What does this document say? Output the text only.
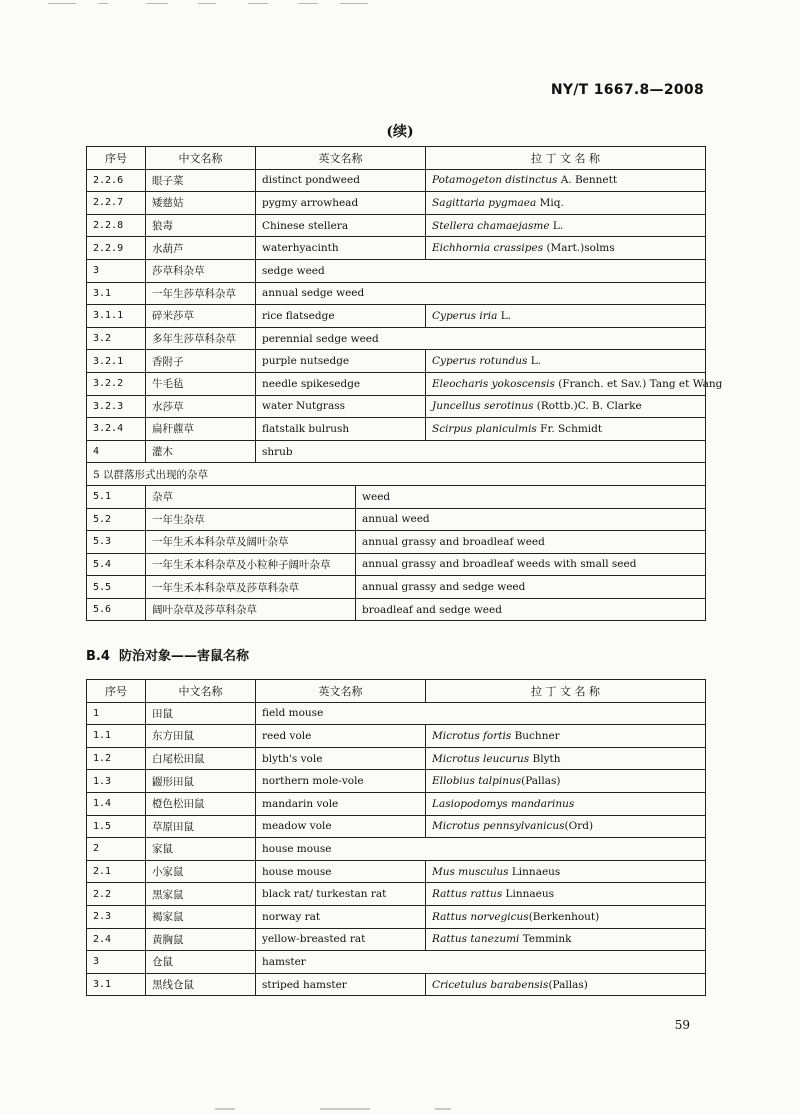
NY/T 1667.8—2008
(续)
序号	中文名称	英文名称		拉 丁 文 名 称
2.2.6	眼子菜	distinct pondweed		Potamogeton distinctus A. Bennett
2.2.7	矮慈姑	pygmy arrowhead		Sagittaria pygmaea Miq.
2.2.8	狼毒	Chinese stellera		Stellera chamaejasme L.
2.2.9	水葫芦	waterhyacinth		Eichhornia crassipes (Mart.)solms
3	莎草科杂草	sedge weed		
3.1	一年生莎草科杂草	annual sedge weed		
3.1.1	碎米莎草	rice flatsedge		Cyperus iria L.
3.2	多年生莎草科杂草	perennial sedge weed		
3.2.1	香附子	purple nutsedge		Cyperus rotundus L.
3.2.2	牛毛毡	needle spikesedge		Eleocharis yokoscensis (Franch. et Sav.) Tang et Wang
3.2.3	水莎草	water Nutgrass		Juncellus serotinus (Rottb.)C. B. Clarke
3.2.4	扁秆藨草	flatstalk bulrush		Scirpus planiculmis Fr. Schmidt
4	灌木	shrub		
5 以群落形式出现的杂草				
5.1	杂草		weed	
5.2	一年生杂草		annual weed	
5.3	一年生禾本科杂草及阔叶杂草		annual grassy and broadleaf weed	
5.4	一年生禾本科杂草及小粒种子阔叶杂草		annual grassy and broadleaf weeds with small seed	
5.5	一年生禾本科杂草及莎草科杂草		annual grassy and sedge weed	
5.6	阔叶杂草及莎草科杂草		broadleaf and sedge weed	
B.4 防治对象——害鼠名称
序号	中文名称	英文名称	拉 丁 文 名 称
1	田鼠	field mouse	
1.1	东方田鼠	reed vole	Microtus fortis Buchner
1.2	白尾松田鼠	blyth's vole	Microtus leucurus Blyth
1.3	鼹形田鼠	northern mole-vole	Ellobius talpinus(Pallas)
1.4	橙色松田鼠	mandarin vole	Lasiopodomys mandarinus
1.5	草原田鼠	meadow vole	Microtus pennsylvanicus(Ord)
2	家鼠	house mouse	
2.1	小家鼠	house mouse	Mus musculus Linnaeus
2.2	黑家鼠	black rat/ turkestan rat	Rattus rattus Linnaeus
2.3	褐家鼠	norway rat	Rattus norvegicus(Berkenhout)
2.4	黄胸鼠	yellow-breasted rat	Rattus tanezumi Temmink
3	仓鼠	hamster	
3.1	黑线仓鼠	striped hamster	Cricetulus barabensis(Pallas)
59
